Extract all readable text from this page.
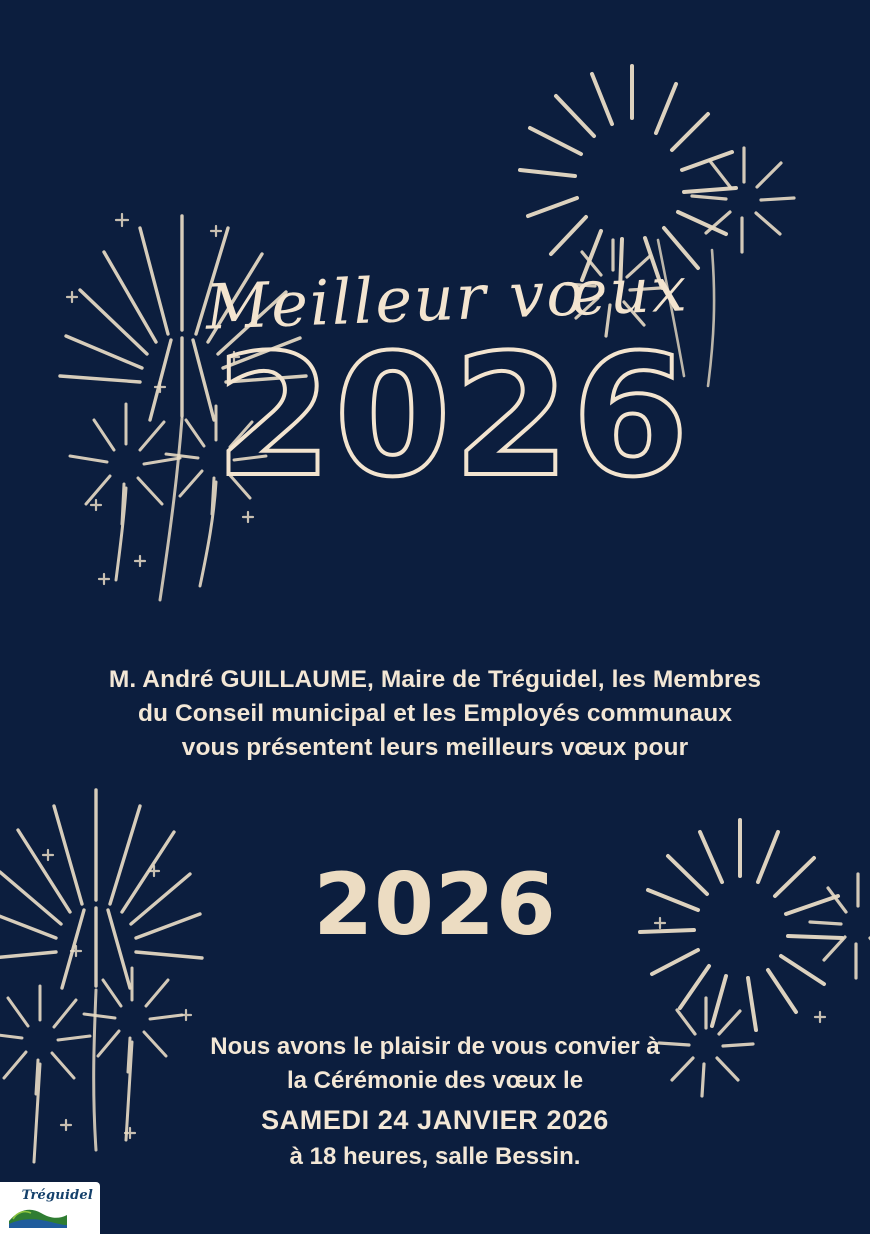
Meilleur vœux
2026

M. André GUILLAUME, Maire de Tréguidel, les Membres

du Conseil municipal et les Employés communaux

vous présentent leurs meilleurs vœux pour

2026

Nous avons le plaisir de vous convier à

la Cérémonie des vœux le

SAMEDI 24 JANVIER 2026

à 18 heures, salle Bessin.

Tréguidel
